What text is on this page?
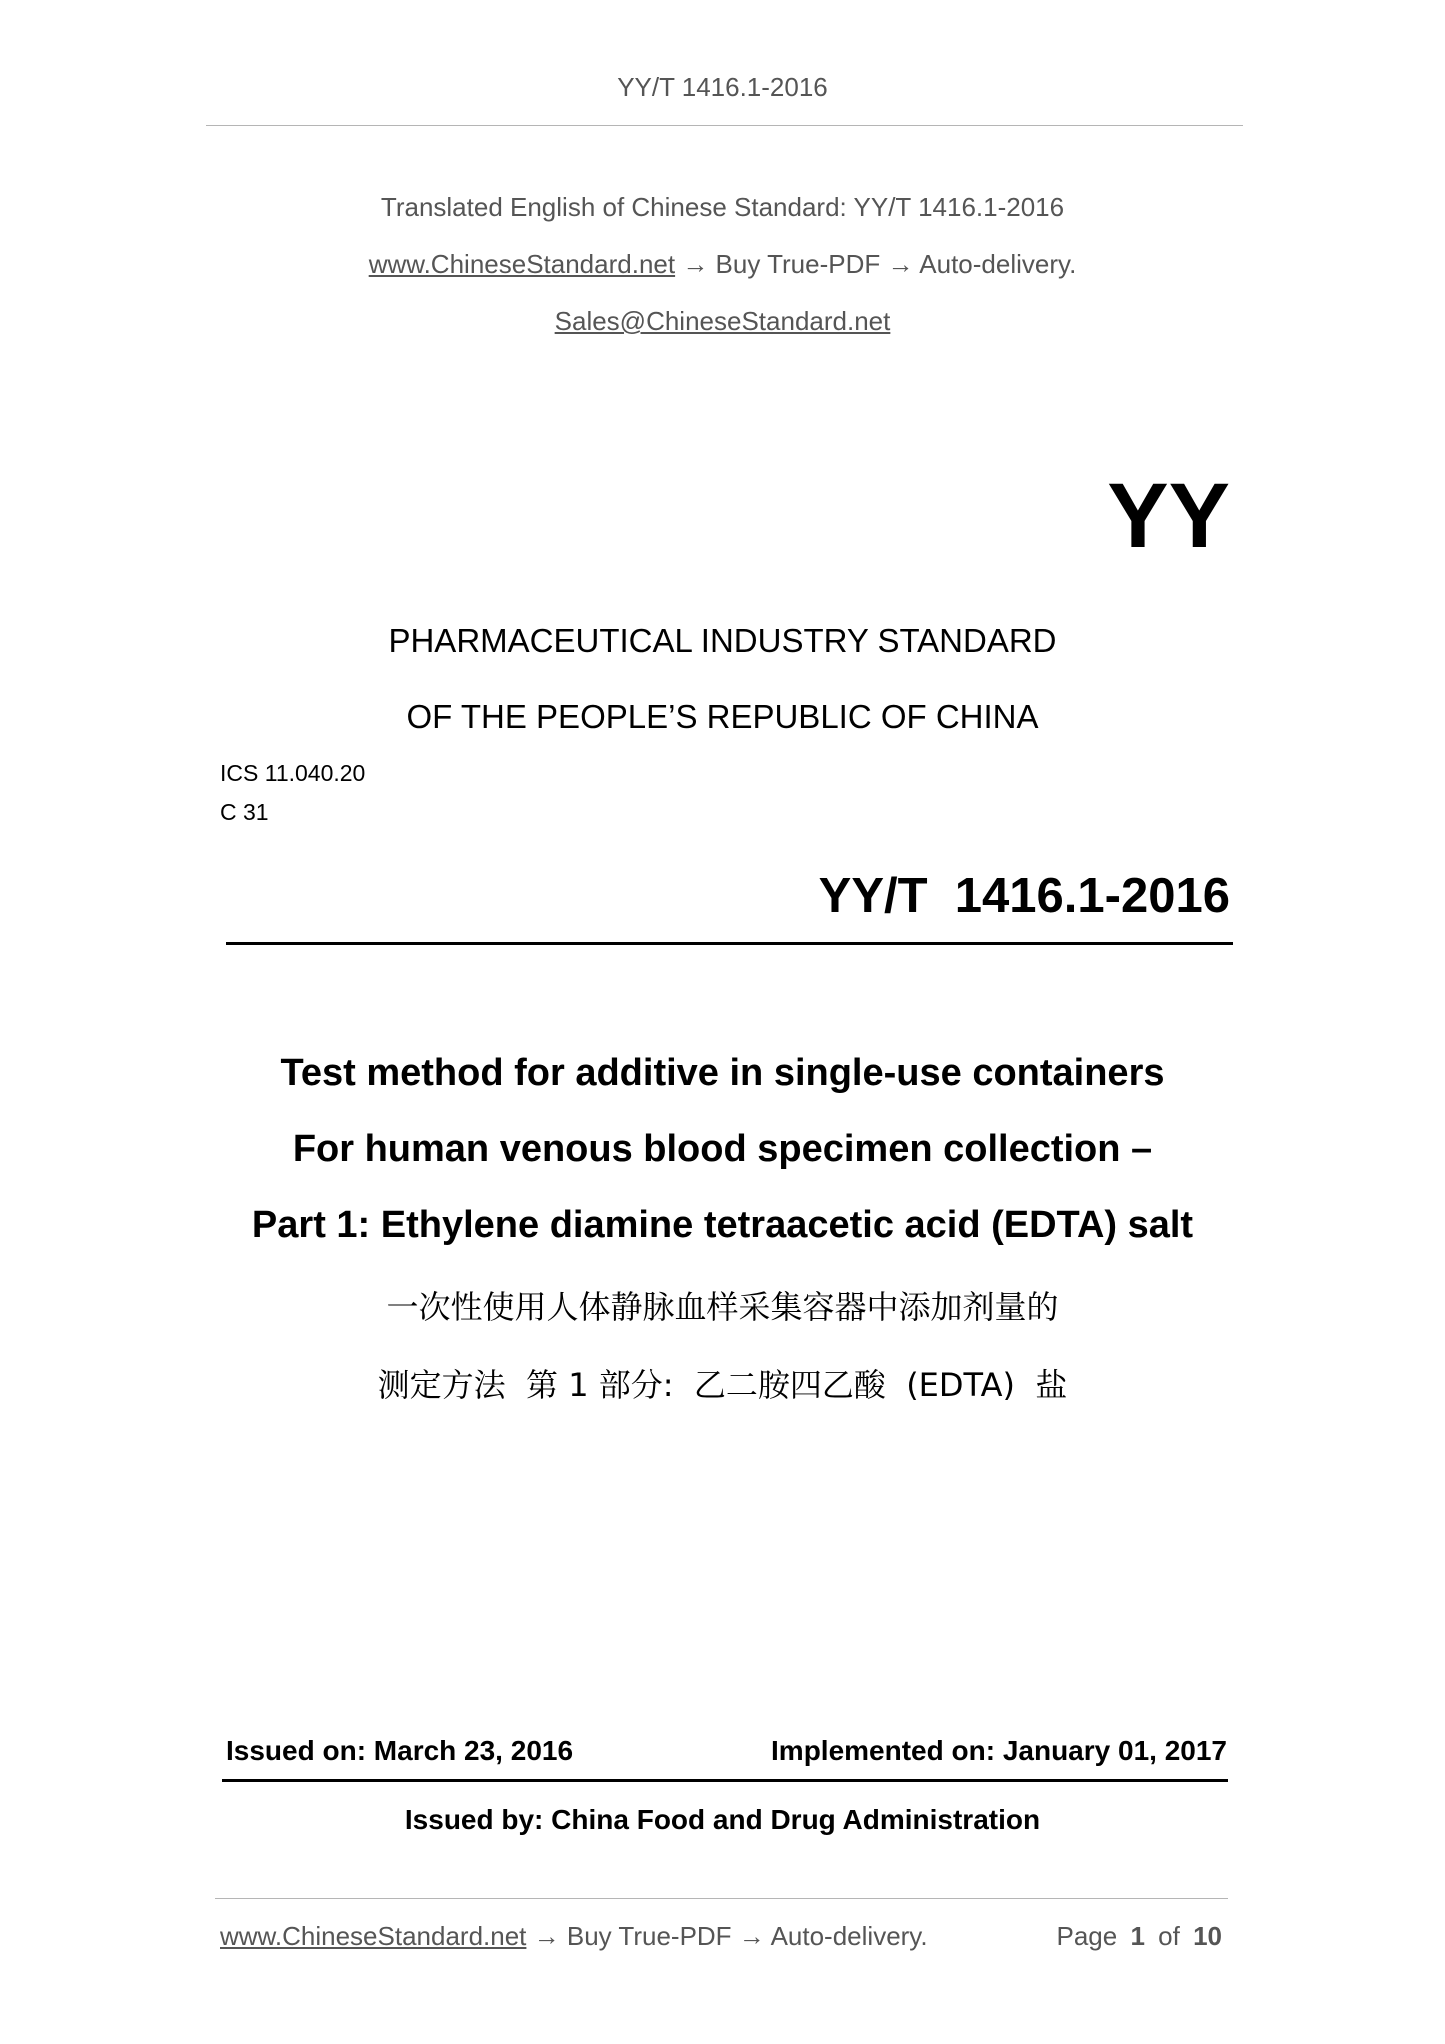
YY/T 1416.1-2016
Translated English of Chinese Standard: YY/T 1416.1-2016
www.ChineseStandard.net → Buy True-PDF → Auto-delivery.
Sales@ChineseStandard.net
YY
PHARMACEUTICAL INDUSTRY STANDARD
OF THE PEOPLE’S REPUBLIC OF CHINA
ICS 11.040.20
C 31
YY/T  1416.1-2016
Test method for additive in single-use containers
For human venous blood specimen collection –
Part 1: Ethylene diamine tetraacetic acid (EDTA) salt
一次性使用人体静脉血样采集容器中添加剂量的
测定方法  第 1 部分:  乙二胺四乙酸  (EDTA)  盐
Issued on: March 23, 2016	Implemented on: January 01, 2017
Issued by: China Food and Drug Administration
www.ChineseStandard.net → Buy True-PDF → Auto-delivery.	Page 1 of 10
